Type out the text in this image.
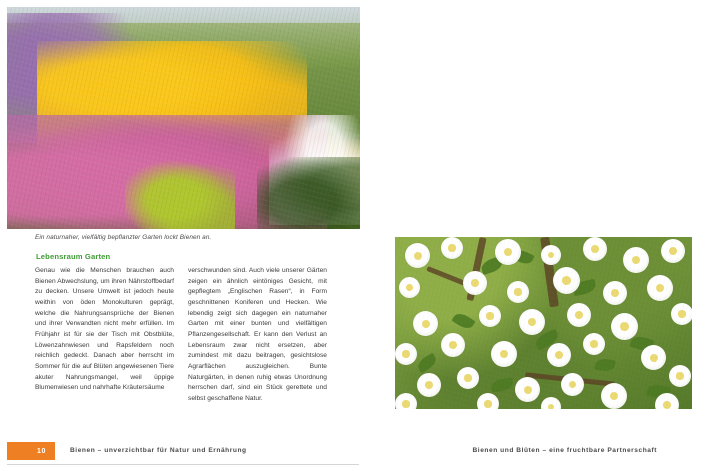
Ein naturnaher, vielfältig bepflanzter Garten lockt Bienen an.
Lebensraum Garten
Genau wie die Menschen brauchen auch Bienen Abwechslung, um ihren Nährstoffbedarf zu decken. Unsere Umwelt ist jedoch heute weithin von öden Monokulturen geprägt, welche die Nahrungsansprüche der Bienen und ihrer Verwandten nicht mehr erfüllen. Im Frühjahr ist für sie der Tisch mit Obstblüte, Löwenzahnwiesen und Rapsfeldern noch reichlich gedeckt. Danach aber herrscht im Sommer für die auf Blüten angewiesenen Tiere akuter Nahrungsmangel, weil üppige Blumenwiesen und nahrhafte Kräutersäume
verschwunden sind. Auch viele unserer Gärten zeigen ein ähnlich eintöniges Gesicht, mit gepflegtem „Englischen Rasen“, in Form geschnittenen Koniferen und Hecken. Wie lebendig zeigt sich dagegen ein naturnaher Garten mit einer bunten und vielfältigen Pflanzengesellschaft. Er kann den Verlust an Lebensraum zwar nicht ersetzen, aber zumindest mit dazu beitragen, gesichtslose Agrarflächen auszugleichen. Bunte Naturgärten, in denen ruhig etwas Unordnung herrschen darf, sind ein Stück gerettete und selbst geschaffene Natur.
10	Bienen – unverzichtbar für Natur und Ernährung	Bienen und Blüten – eine fruchtbare Partnerschaft
